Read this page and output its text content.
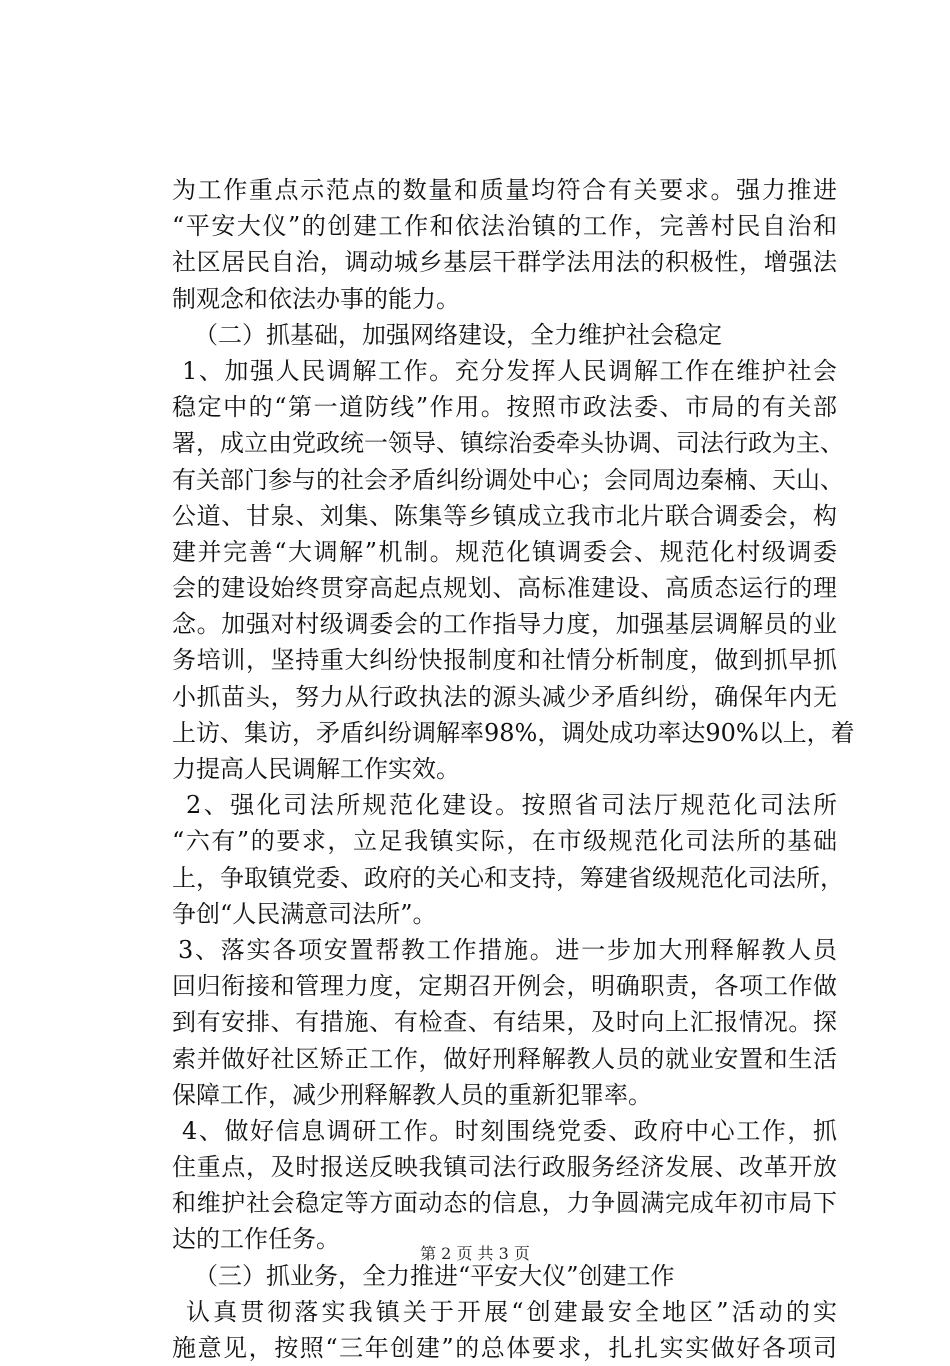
为工作重点示范点的数量和质量均符合有关要求。强力推进
“平安大仪”的创建工作和依法治镇的工作，完善村民自治和
社区居民自治，调动城乡基层干群学法用法的积极性，增强法
制观念和依法办事的能力。
（二）抓基础，加强网络建设，全力维护社会稳定
1、加强人民调解工作。充分发挥人民调解工作在维护社会
稳定中的“第一道防线”作用。按照市政法委、市局的有关部
署，成立由党政统一领导、镇综治委牵头协调、司法行政为主、
有关部门参与的社会矛盾纠纷调处中心；会同周边秦楠、天山、
公道、甘泉、刘集、陈集等乡镇成立我市北片联合调委会，构
建并完善“大调解”机制。规范化镇调委会、规范化村级调委
会的建设始终贯穿高起点规划、高标准建设、高质态运行的理
念。加强对村级调委会的工作指导力度，加强基层调解员的业
务培训，坚持重大纠纷快报制度和社情分析制度，做到抓早抓
小抓苗头，努力从行政执法的源头减少矛盾纠纷，确保年内无
上访、集访，矛盾纠纷调解率98%，调处成功率达90%以上，着
力提高人民调解工作实效。
2、强化司法所规范化建设。按照省司法厅规范化司法所
“六有”的要求，立足我镇实际，在市级规范化司法所的基础
上，争取镇党委、政府的关心和支持，筹建省级规范化司法所，
争创“人民满意司法所”。
3、落实各项安置帮教工作措施。进一步加大刑释解教人员
回归衔接和管理力度，定期召开例会，明确职责，各项工作做
到有安排、有措施、有检查、有结果，及时向上汇报情况。探
索并做好社区矫正工作，做好刑释解教人员的就业安置和生活
保障工作，减少刑释解教人员的重新犯罪率。
4、做好信息调研工作。时刻围绕党委、政府中心工作，抓
住重点，及时报送反映我镇司法行政服务经济发展、改革开放
和维护社会稳定等方面动态的信息，力争圆满完成年初市局下
达的工作任务。
（三）抓业务，全力推进“平安大仪”创建工作
认真贯彻落实我镇关于开展“创建最安全地区”活动的实
施意见，按照“三年创建”的总体要求，扎扎实实做好各项司
第 2 页 共 3 页
